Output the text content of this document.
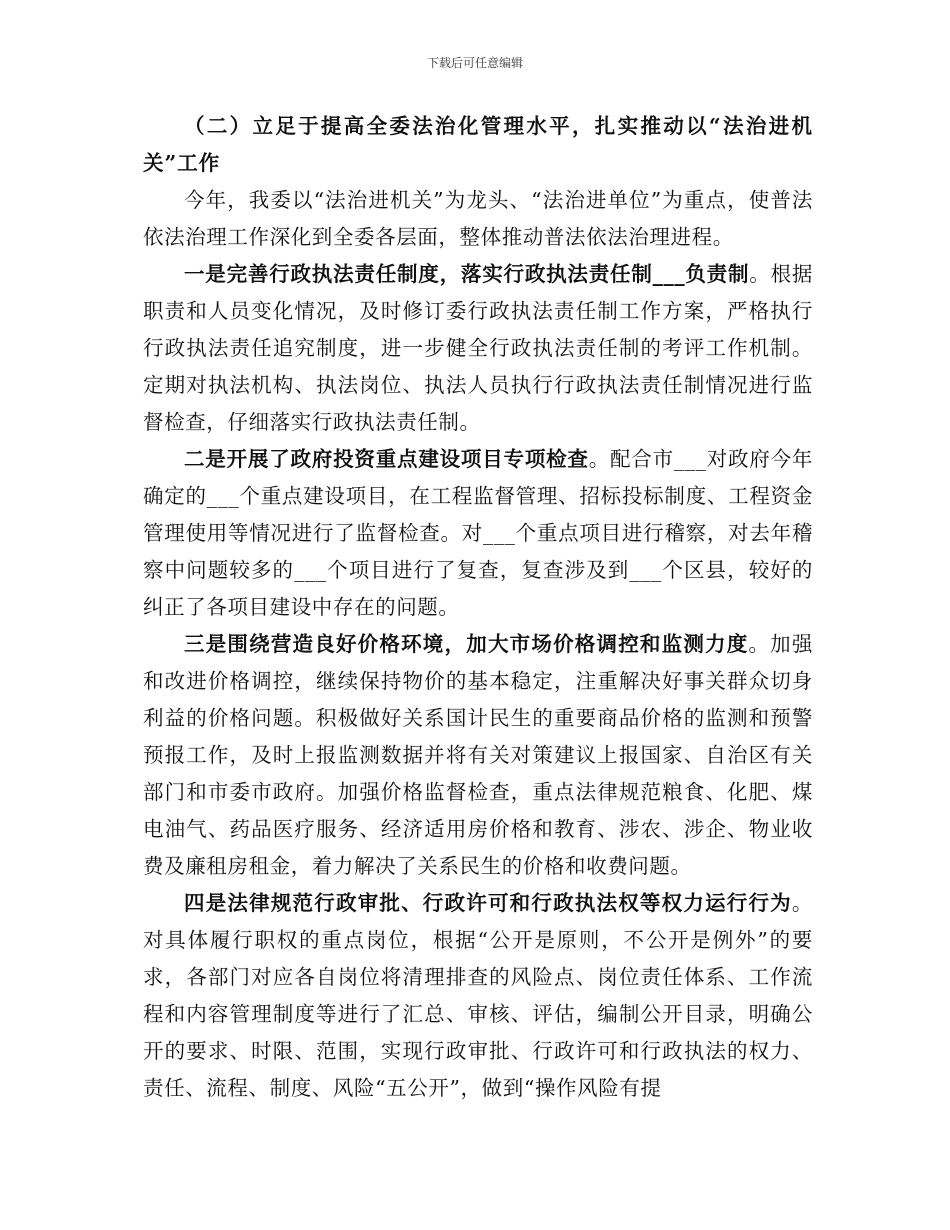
下载后可任意编辑

（二）立足于提高全委法治化管理水平，扎实推动以“法治进机关”工作

今年，我委以“法治进机关”为龙头、“法治进单位”为重点，使普法依法治理工作深化到全委各层面，整体推动普法依法治理进程。

一是完善行政执法责任制度，落实行政执法责任制___负责制。根据职责和人员变化情况，及时修订委行政执法责任制工作方案，严格执行行政执法责任追究制度，进一步健全行政执法责任制的考评工作机制。定期对执法机构、执法岗位、执法人员执行行政执法责任制情况进行监督检查，仔细落实行政执法责任制。

二是开展了政府投资重点建设项目专项检查。配合市___对政府今年确定的___个重点建设项目，在工程监督管理、招标投标制度、工程资金管理使用等情况进行了监督检查。对___个重点项目进行稽察，对去年稽察中问题较多的___个项目进行了复查，复查涉及到___个区县，较好的纠正了各项目建设中存在的问题。

三是围绕营造良好价格环境，加大市场价格调控和监测力度。加强和改进价格调控，继续保持物价的基本稳定，注重解决好事关群众切身利益的价格问题。积极做好关系国计民生的重要商品价格的监测和预警预报工作，及时上报监测数据并将有关对策建议上报国家、自治区有关部门和市委市政府。加强价格监督检查，重点法律规范粮食、化肥、煤电油气、药品医疗服务、经济适用房价格和教育、涉农、涉企、物业收费及廉租房租金，着力解决了关系民生的价格和收费问题。

四是法律规范行政审批、行政许可和行政执法权等权力运行行为。对具体履行职权的重点岗位，根据“公开是原则，不公开是例外”的要求，各部门对应各自岗位将清理排查的风险点、岗位责任体系、工作流程和内容管理制度等进行了汇总、审核、评估，编制公开目录，明确公开的要求、时限、范围，实现行政审批、行政许可和行政执法的权力、责任、流程、制度、风险“五公开”，做到“操作风险有提
